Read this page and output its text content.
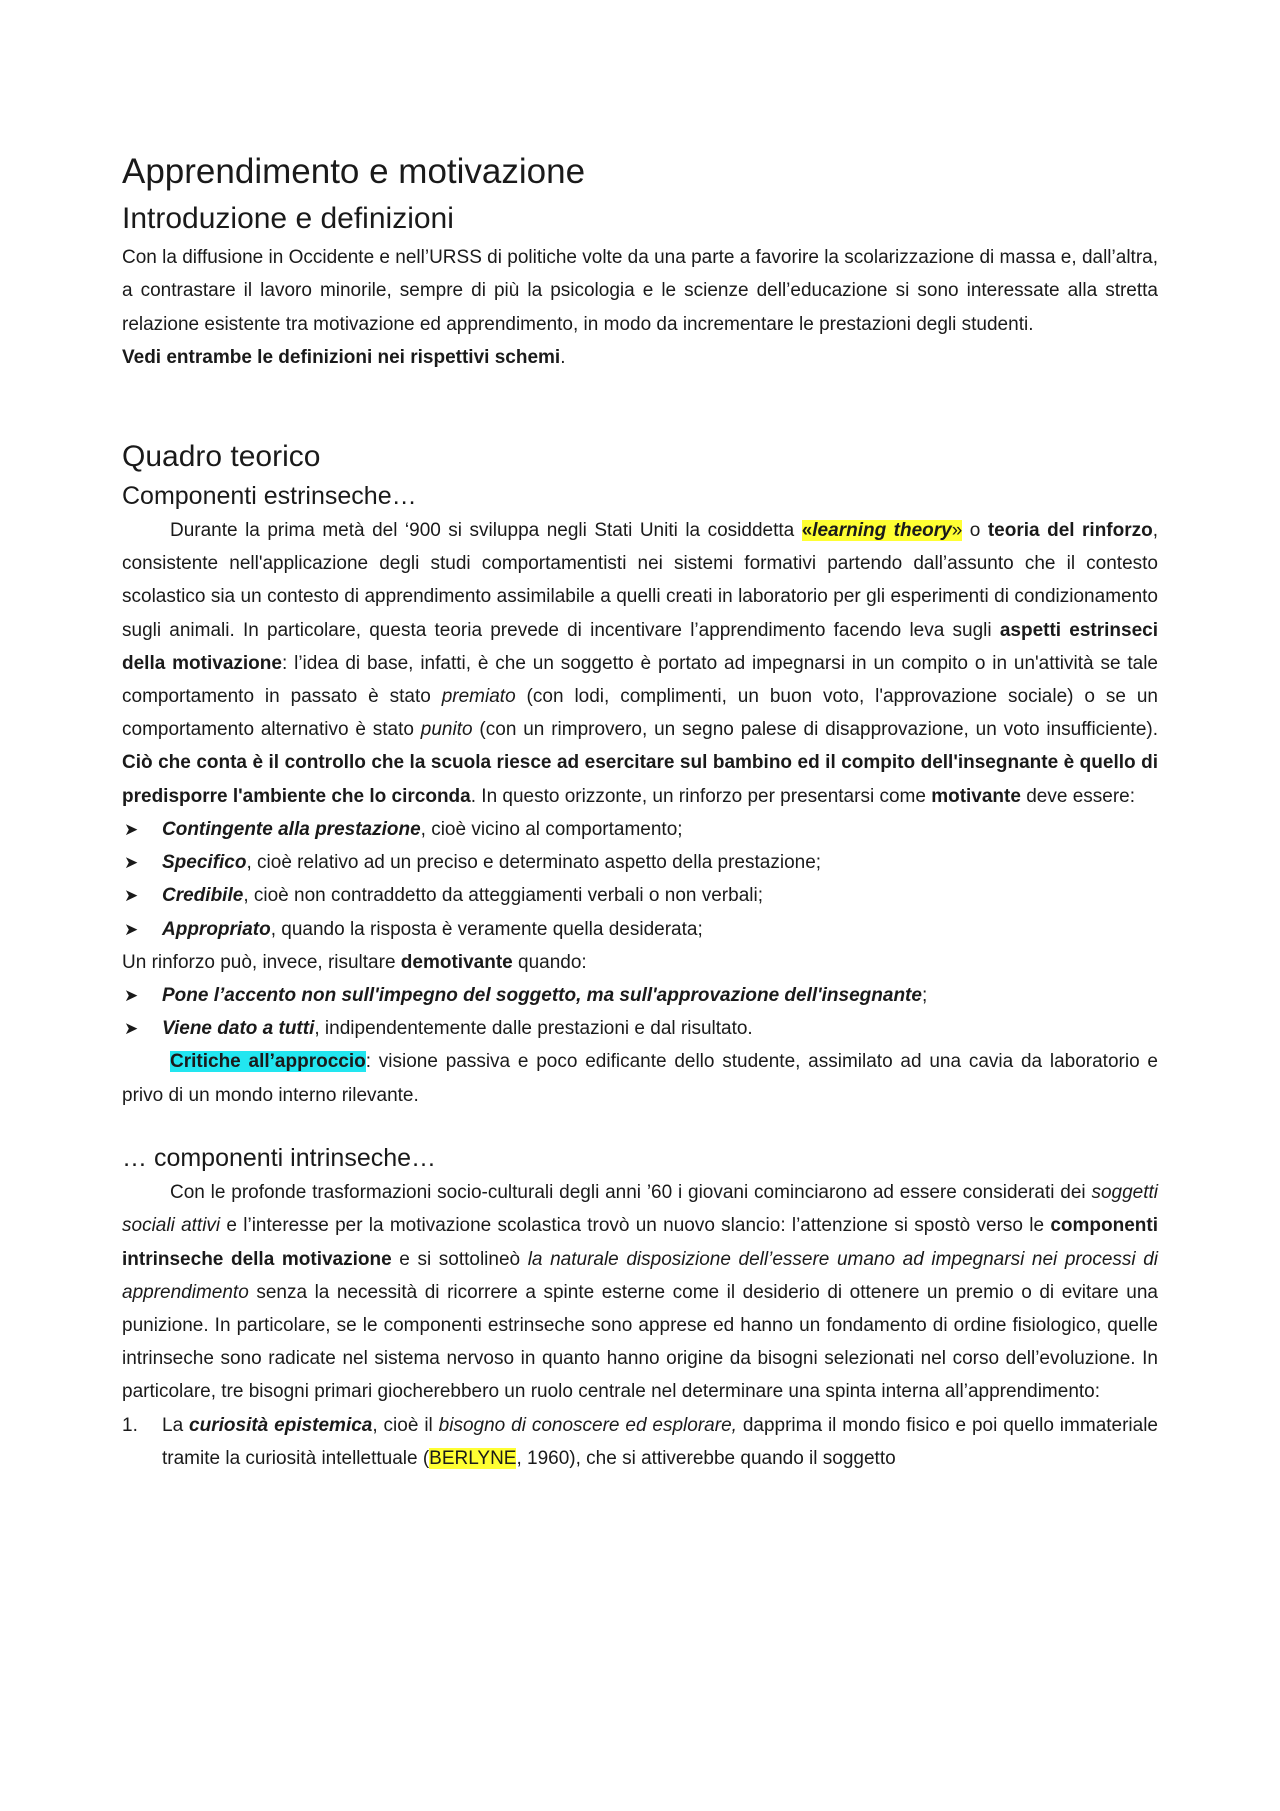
Apprendimento e motivazione
Introduzione e definizioni

Con la diffusione in Occidente e nell’URSS di politiche volte da una parte a favorire la scolarizzazione di massa e, dall’altra, a contrastare il lavoro minorile, sempre di più la psicologia e le scienze dell’educazione si sono interessate alla stretta relazione esistente tra motivazione ed apprendimento, in modo da incrementare le prestazioni degli studenti.
Vedi entrambe le definizioni nei rispettivi schemi.

Quadro teorico
Componenti estrinseche…

Durante la prima metà del ‘900 si sviluppa negli Stati Uniti la cosiddetta «learning theory» o teoria del rinforzo, consistente nell'applicazione degli studi comportamentisti nei sistemi formativi partendo dall’assunto che il contesto scolastico sia un contesto di apprendimento assimilabile a quelli creati in laboratorio per gli esperimenti di condizionamento sugli animali. In particolare, questa teoria prevede di incentivare l’apprendimento facendo leva sugli aspetti estrinseci della motivazione: l’idea di base, infatti, è che un soggetto è portato ad impegnarsi in un compito o in un'attività se tale comportamento in passato è stato premiato (con lodi, complimenti, un buon voto, l'approvazione sociale) o se un comportamento alternativo è stato punito (con un rimprovero, un segno palese di disapprovazione, un voto insufficiente). Ciò che conta è il controllo che la scuola riesce ad esercitare sul bambino ed il compito dell'insegnante è quello di predisporre l'ambiente che lo circonda. In questo orizzonte, un rinforzo per presentarsi come motivante deve essere:

➤ Contingente alla prestazione, cioè vicino al comportamento;
➤ Specifico, cioè relativo ad un preciso e determinato aspetto della prestazione;
➤ Credibile, cioè non contraddetto da atteggiamenti verbali o non verbali;
➤ Appropriato, quando la risposta è veramente quella desiderata;

Un rinforzo può, invece, risultare demotivante quando:

➤ Pone l’accento non sull'impegno del soggetto, ma sull'approvazione dell'insegnante;
➤ Viene dato a tutti, indipendentemente dalle prestazioni e dal risultato.

Critiche all’approccio: visione passiva e poco edificante dello studente, assimilato ad una cavia da laboratorio e privo di un mondo interno rilevante.

… componenti intrinseche…

Con le profonde trasformazioni socio-culturali degli anni ’60 i giovani cominciarono ad essere considerati dei soggetti sociali attivi e l’interesse per la motivazione scolastica trovò un nuovo slancio: l’attenzione si spostò verso le componenti intrinseche della motivazione e si sottolineò la naturale disposizione dell’essere umano ad impegnarsi nei processi di apprendimento senza la necessità di ricorrere a spinte esterne come il desiderio di ottenere un premio o di evitare una punizione. In particolare, se le componenti estrinseche sono apprese ed hanno un fondamento di ordine fisiologico, quelle intrinseche sono radicate nel sistema nervoso in quanto hanno origine da bisogni selezionati nel corso dell’evoluzione. In particolare, tre bisogni primari giocherebbero un ruolo centrale nel determinare una spinta interna all’apprendimento:

1. La curiosità epistemica, cioè il bisogno di conoscere ed esplorare, dapprima il mondo fisico e poi quello immateriale tramite la curiosità intellettuale (BERLYNE, 1960), che si attiverebbe quando il soggetto
